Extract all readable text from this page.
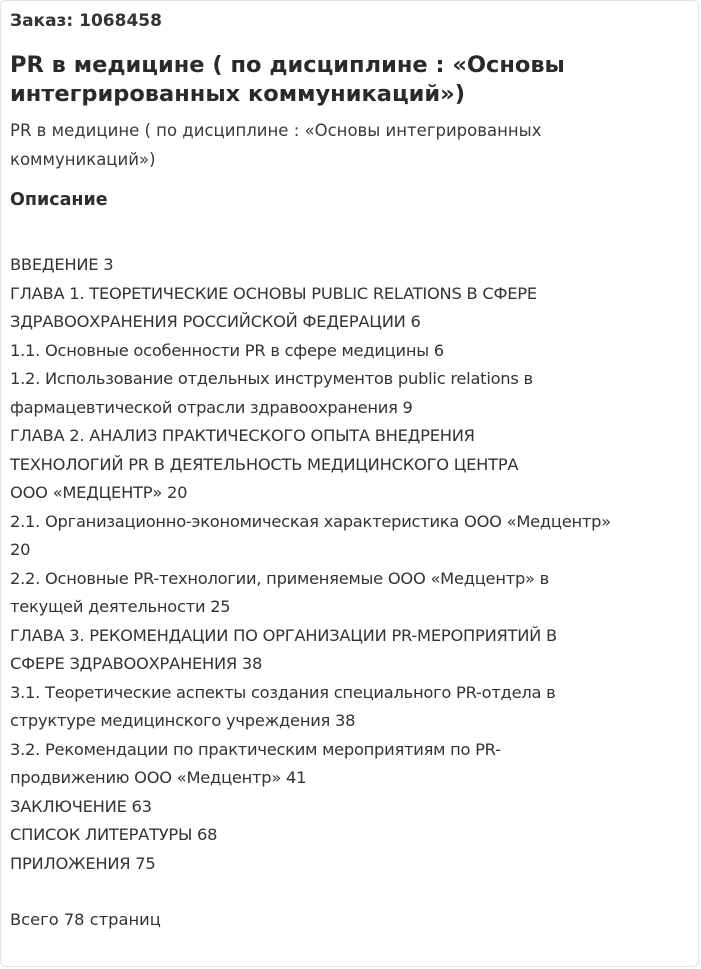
Заказ: 1068458
PR в медицине ( по дисциплине : «Основы интегрированных коммуникаций»)
PR в медицине ( по дисциплине : «Основы интегрированных коммуникаций»)
Описание
ВВЕДЕНИЕ 3
ГЛАВА 1. ТЕОРЕТИЧЕСКИЕ ОСНОВЫ PUBLIC RELATIONS В СФЕРЕ
ЗДРАВООХРАНЕНИЯ РОССИЙСКОЙ ФЕДЕРАЦИИ 6
1.1. Основные особенности PR в сфере медицины 6
1.2. Использование отдельных инструментов public relations в
фармацевтической отрасли здравоохранения 9
ГЛАВА 2. АНАЛИЗ ПРАКТИЧЕСКОГО ОПЫТА ВНЕДРЕНИЯ
ТЕХНОЛОГИЙ PR В ДЕЯТЕЛЬНОСТЬ МЕДИЦИНСКОГО ЦЕНТРА
ООО «МЕДЦЕНТР» 20
2.1. Организационно-экономическая характеристика ООО «Медцентр»
20
2.2. Основные PR-технологии, применяемые ООО «Медцентр» в
текущей деятельности 25
ГЛАВА 3. РЕКОМЕНДАЦИИ ПО ОРГАНИЗАЦИИ PR-МЕРОПРИЯТИЙ В
СФЕРЕ ЗДРАВООХРАНЕНИЯ 38
3.1. Теоретические аспекты создания специального PR-отдела в
структуре медицинского учреждения 38
3.2. Рекомендации по практическим мероприятиям по PR-
продвижению ООО «Медцентр» 41
ЗАКЛЮЧЕНИЕ 63
СПИСОК ЛИТЕРАТУРЫ 68
ПРИЛОЖЕНИЯ 75
Всего 78 страниц
